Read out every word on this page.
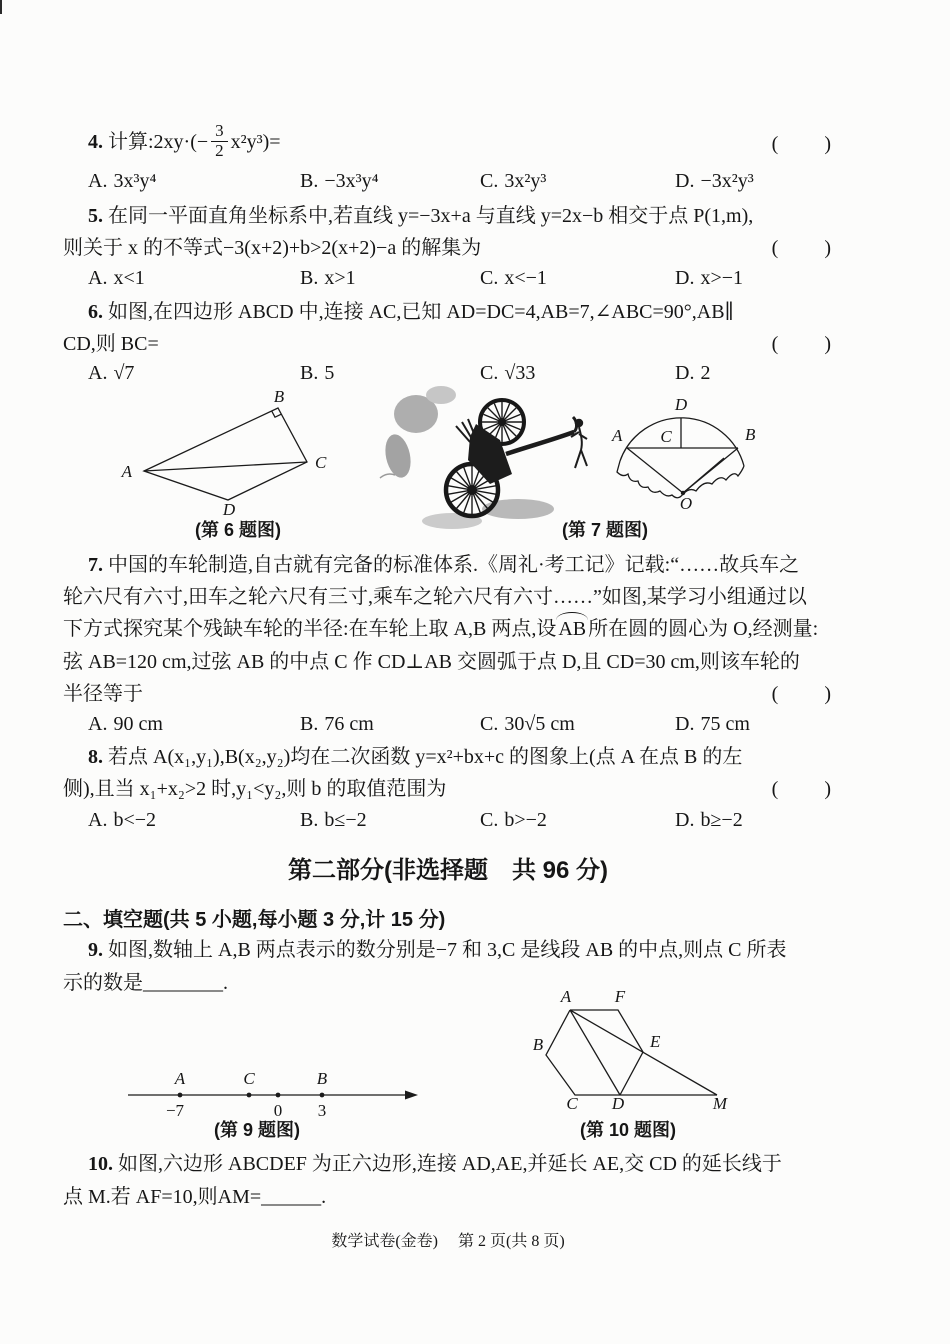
4. 计算:2xy·(− $\frac{3}{2} x^2y^3)=$	(　　)
A. 3x³y⁴	B. −3x³y⁴	C. 3x²y³	D. −3x²y³
5. 在同一平面直角坐标系中,若直线 y=−3x+a 与直线 y=2x−b 相交于点 P(1,m),
则关于 x 的不等式−3(x+2)+b>2(x+2)−a 的解集为	(　　)
A. x<1	B. x>1	C. x<−1	D. x>−1
6. 如图,在四边形 ABCD 中,连接 AC,已知 AD=DC=4,AB=7,∠ABC=90°,AB∥
CD,则 BC=	(　　)
A. √7	B. 5	C. √33	D. 2
7. 中国的车轮制造,自古就有完备的标准体系.《周礼·考工记》记载:“……故兵车之
轮六尺有六寸,田车之轮六尺有三寸,乘车之轮六尺有六寸……”如图,某学习小组通过以
下方式探究某个残缺车轮的半径:在车轮上取 A,B 两点,设 AB 所在圆的圆心为 O,经测量:
弦 AB=120 cm,过弦 AB 的中点 C 作 CD⊥AB 交圆弧于点 D,且 CD=30 cm,则该车轮的
半径等于	(　　)
A. 90 cm	B. 76 cm	C. 30√5 cm	D. 75 cm
8. 若点 A(x₁,y₁),B(x₂,y₂)均在二次函数 y=x²+bx+c 的图象上(点 A 在点 B 的左
侧),且当 x₁+x₂>2 时,y₁<y₂,则 b 的取值范围为	(　　)
A. b<−2	B. b≤−2	C. b>−2	D. b≥−2
第二部分(非选择题　共 96 分)
二、填空题(共 5 小题,每小题 3 分,计 15 分)
9. 如图,数轴上 A,B 两点表示的数分别是−7 和 3,C 是线段 AB 的中点,则点 C 所表
示的数是________.
10. 如图,六边形 ABCDEF 为正六边形,连接 AD,AE,并延长 AE,交 CD 的延长线于
点 M.若 AF=10,则AM=______.
A
B
C
D
(第 6 题图)	(第 7 题图)
D
C
A	B
O
A	C	B
−7	0 3
(第 9 题图)
A	F
B	E
C D	M
(第 10 题图)
数学试卷(金卷)　 第 2 页(共 8 页)
